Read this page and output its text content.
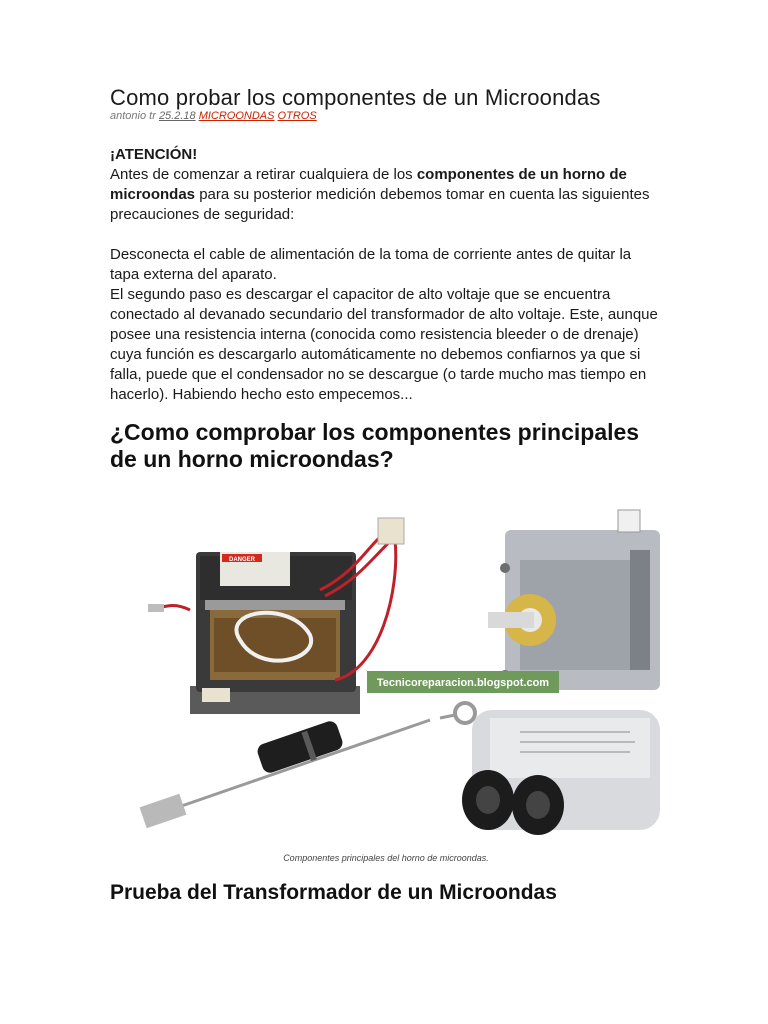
Como probar los componentes de un Microondas
antonio tr 25.2.18 MICROONDAS OTROS

¡ATENCIÓN!

Antes de comenzar a retirar cualquiera de los componentes de un horno de microondas para su posterior medición debemos tomar en cuenta las siguientes precauciones de seguridad:

Desconecta el cable de alimentación de la toma de corriente antes de quitar la tapa externa del aparato.

El segundo paso es descargar el capacitor de alto voltaje que se encuentra conectado al devanado secundario del transformador de alto voltaje. Este, aunque posee una resistencia interna (conocida como resistencia bleeder o de drenaje) cuya función es descargarlo automáticamente no debemos confiarnos ya que si falla, puede que el condensador no se descargue (o tarde mucho mas tiempo en hacerlo). Habiendo hecho esto empecemos...

¿Como comprobar los componentes principales de un horno microondas?
DANGER
Tecnicoreparacion.blogspot.com
Componentes principales del horno de microondas.
Prueba del Transformador de un Microondas
